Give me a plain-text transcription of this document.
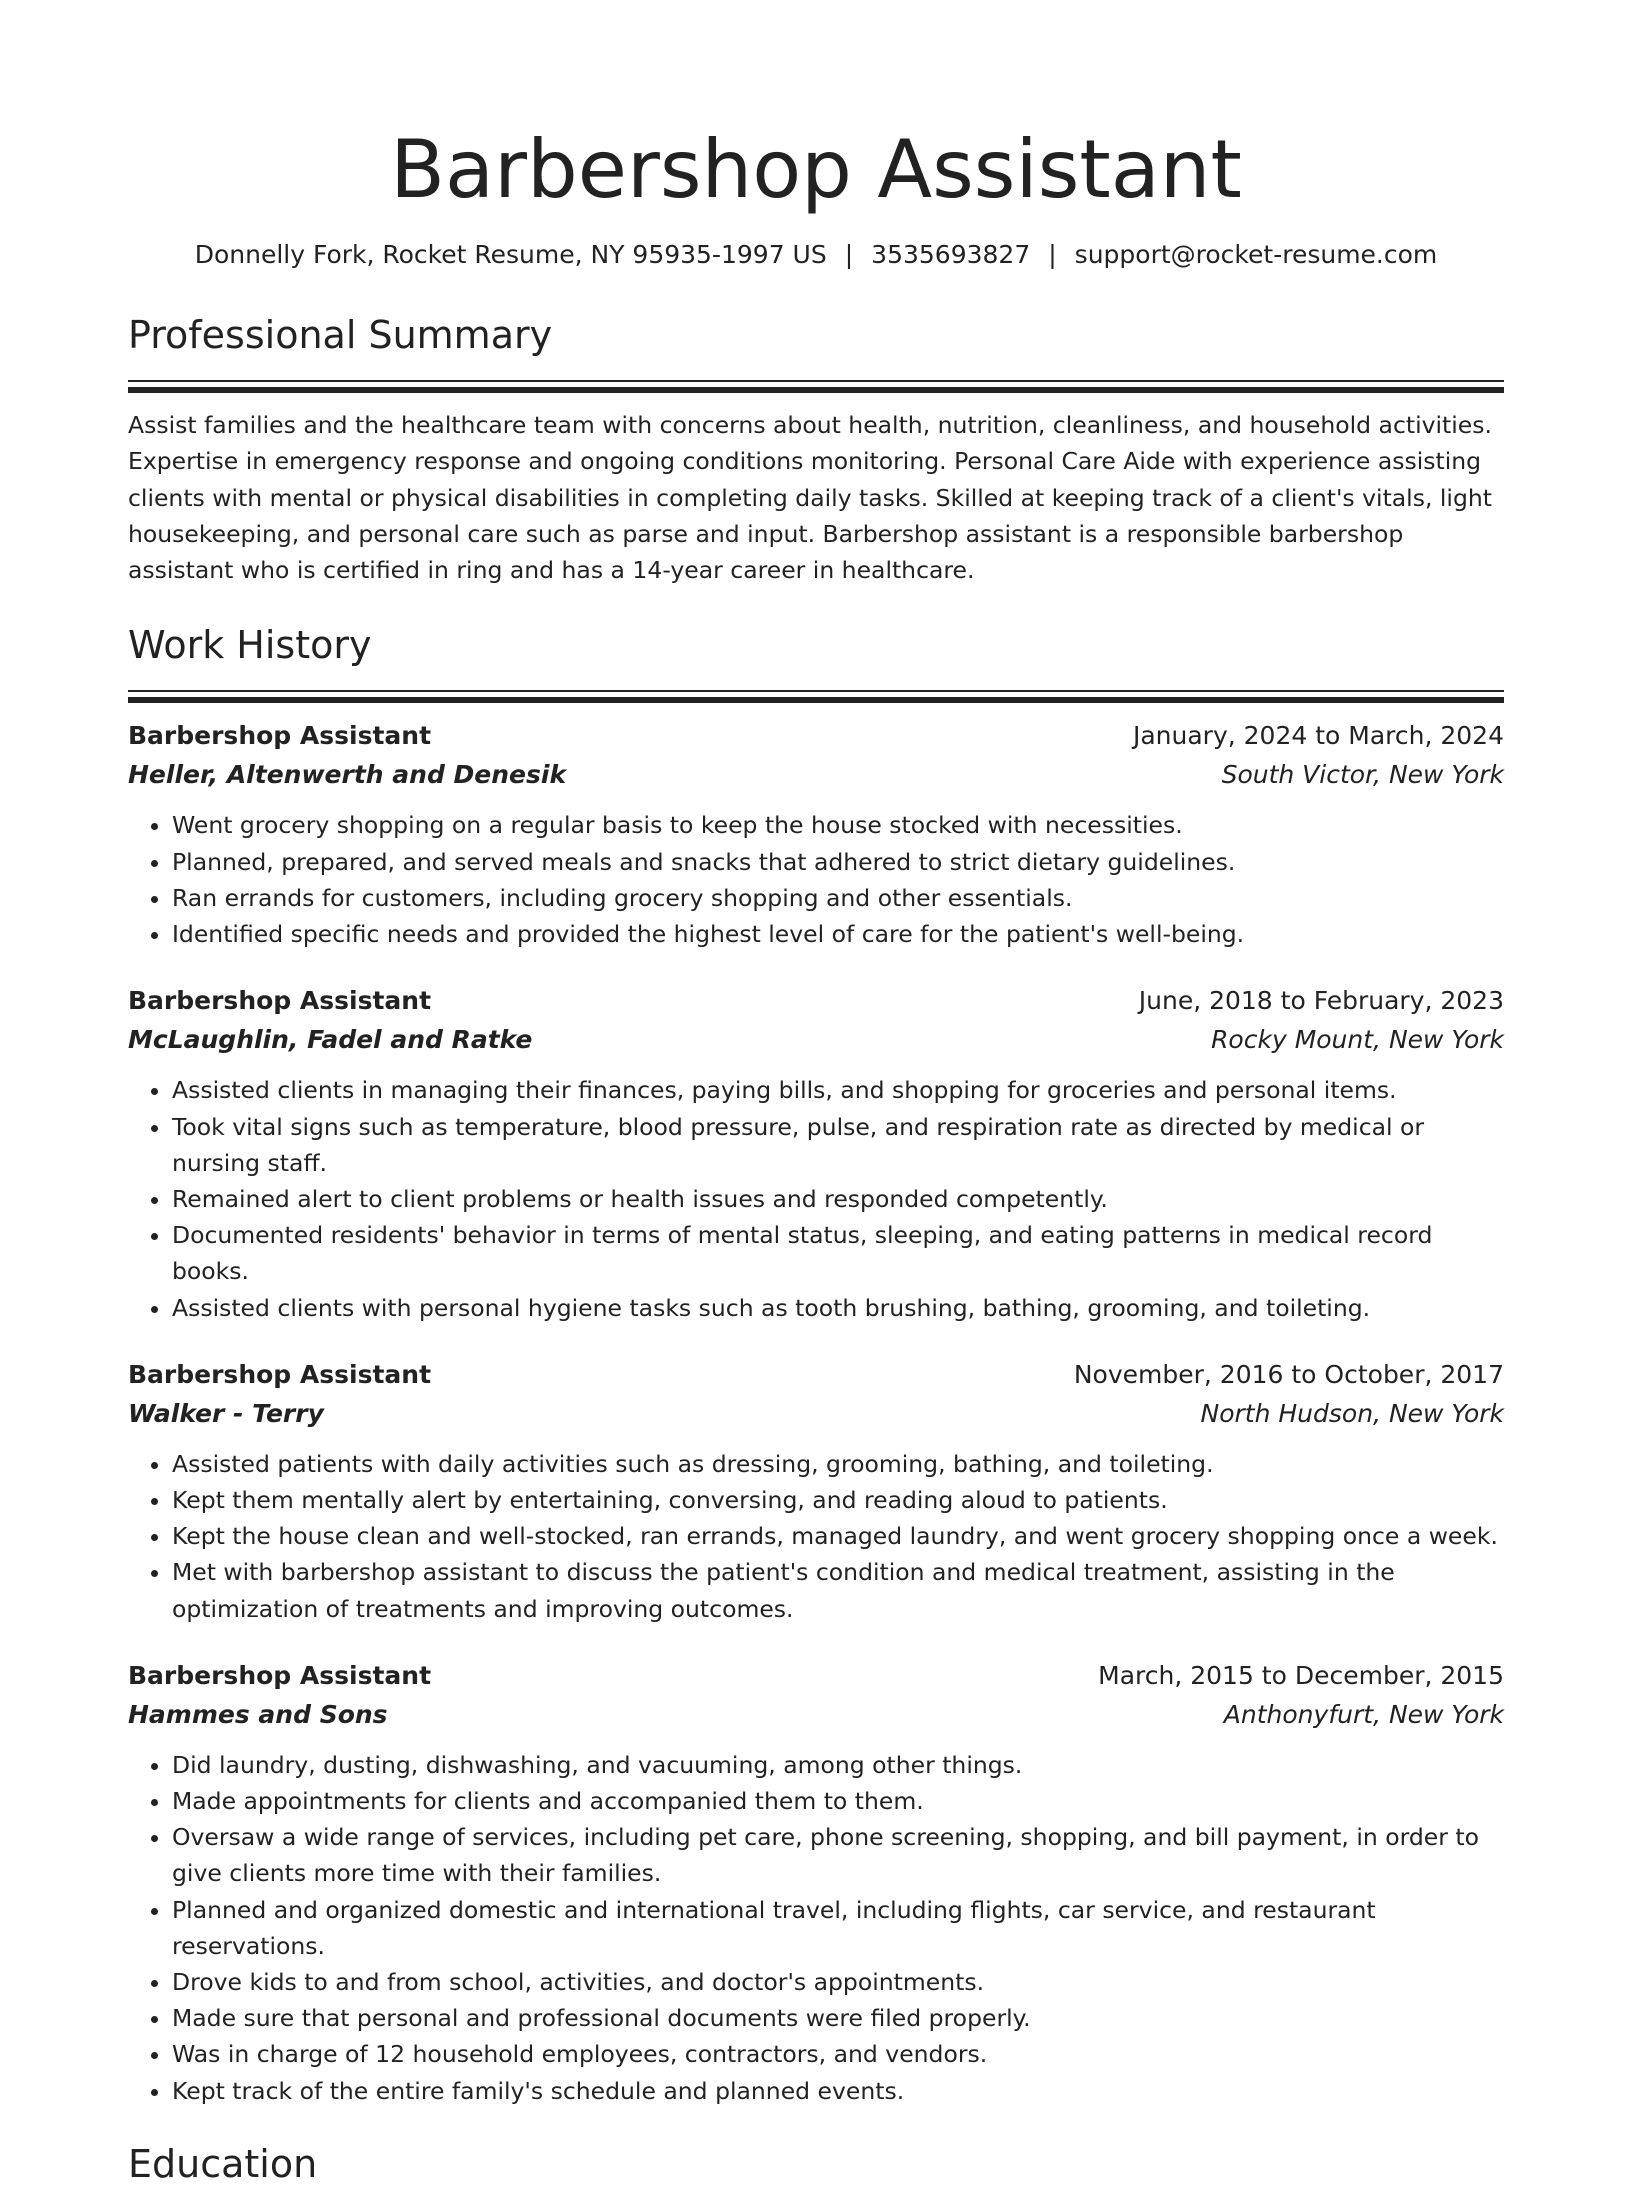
Barbershop Assistant
Donnelly Fork, Rocket Resume, NY 95935-1997 US | 3535693827 | support@rocket-resume.com
Professional Summary
Assist families and the healthcare team with concerns about health, nutrition, cleanliness, and household activities. Expertise in emergency response and ongoing conditions monitoring. Personal Care Aide with experience assisting clients with mental or physical disabilities in completing daily tasks. Skilled at keeping track of a client's vitals, light housekeeping, and personal care such as parse and input. Barbershop assistant is a responsible barbershop assistant who is certified in ring and has a 14-year career in healthcare.
Work History
Barbershop Assistant	January, 2024 to March, 2024
Heller, Altenwerth and Denesik	South Victor, New York
• Went grocery shopping on a regular basis to keep the house stocked with necessities.
• Planned, prepared, and served meals and snacks that adhered to strict dietary guidelines.
• Ran errands for customers, including grocery shopping and other essentials.
• Identified specific needs and provided the highest level of care for the patient's well-being.
Barbershop Assistant	June, 2018 to February, 2023
McLaughlin, Fadel and Ratke	Rocky Mount, New York
• Assisted clients in managing their finances, paying bills, and shopping for groceries and personal items.
• Took vital signs such as temperature, blood pressure, pulse, and respiration rate as directed by medical or nursing staff.
• Remained alert to client problems or health issues and responded competently.
• Documented residents' behavior in terms of mental status, sleeping, and eating patterns in medical record books.
• Assisted clients with personal hygiene tasks such as tooth brushing, bathing, grooming, and toileting.
Barbershop Assistant	November, 2016 to October, 2017
Walker - Terry	North Hudson, New York
• Assisted patients with daily activities such as dressing, grooming, bathing, and toileting.
• Kept them mentally alert by entertaining, conversing, and reading aloud to patients.
• Kept the house clean and well-stocked, ran errands, managed laundry, and went grocery shopping once a week.
• Met with barbershop assistant to discuss the patient's condition and medical treatment, assisting in the optimization of treatments and improving outcomes.
Barbershop Assistant	March, 2015 to December, 2015
Hammes and Sons	Anthonyfurt, New York
• Did laundry, dusting, dishwashing, and vacuuming, among other things.
• Made appointments for clients and accompanied them to them.
• Oversaw a wide range of services, including pet care, phone screening, shopping, and bill payment, in order to give clients more time with their families.
• Planned and organized domestic and international travel, including flights, car service, and restaurant reservations.
• Drove kids to and from school, activities, and doctor's appointments.
• Made sure that personal and professional documents were filed properly.
• Was in charge of 12 household employees, contractors, and vendors.
• Kept track of the entire family's schedule and planned events.
Education
